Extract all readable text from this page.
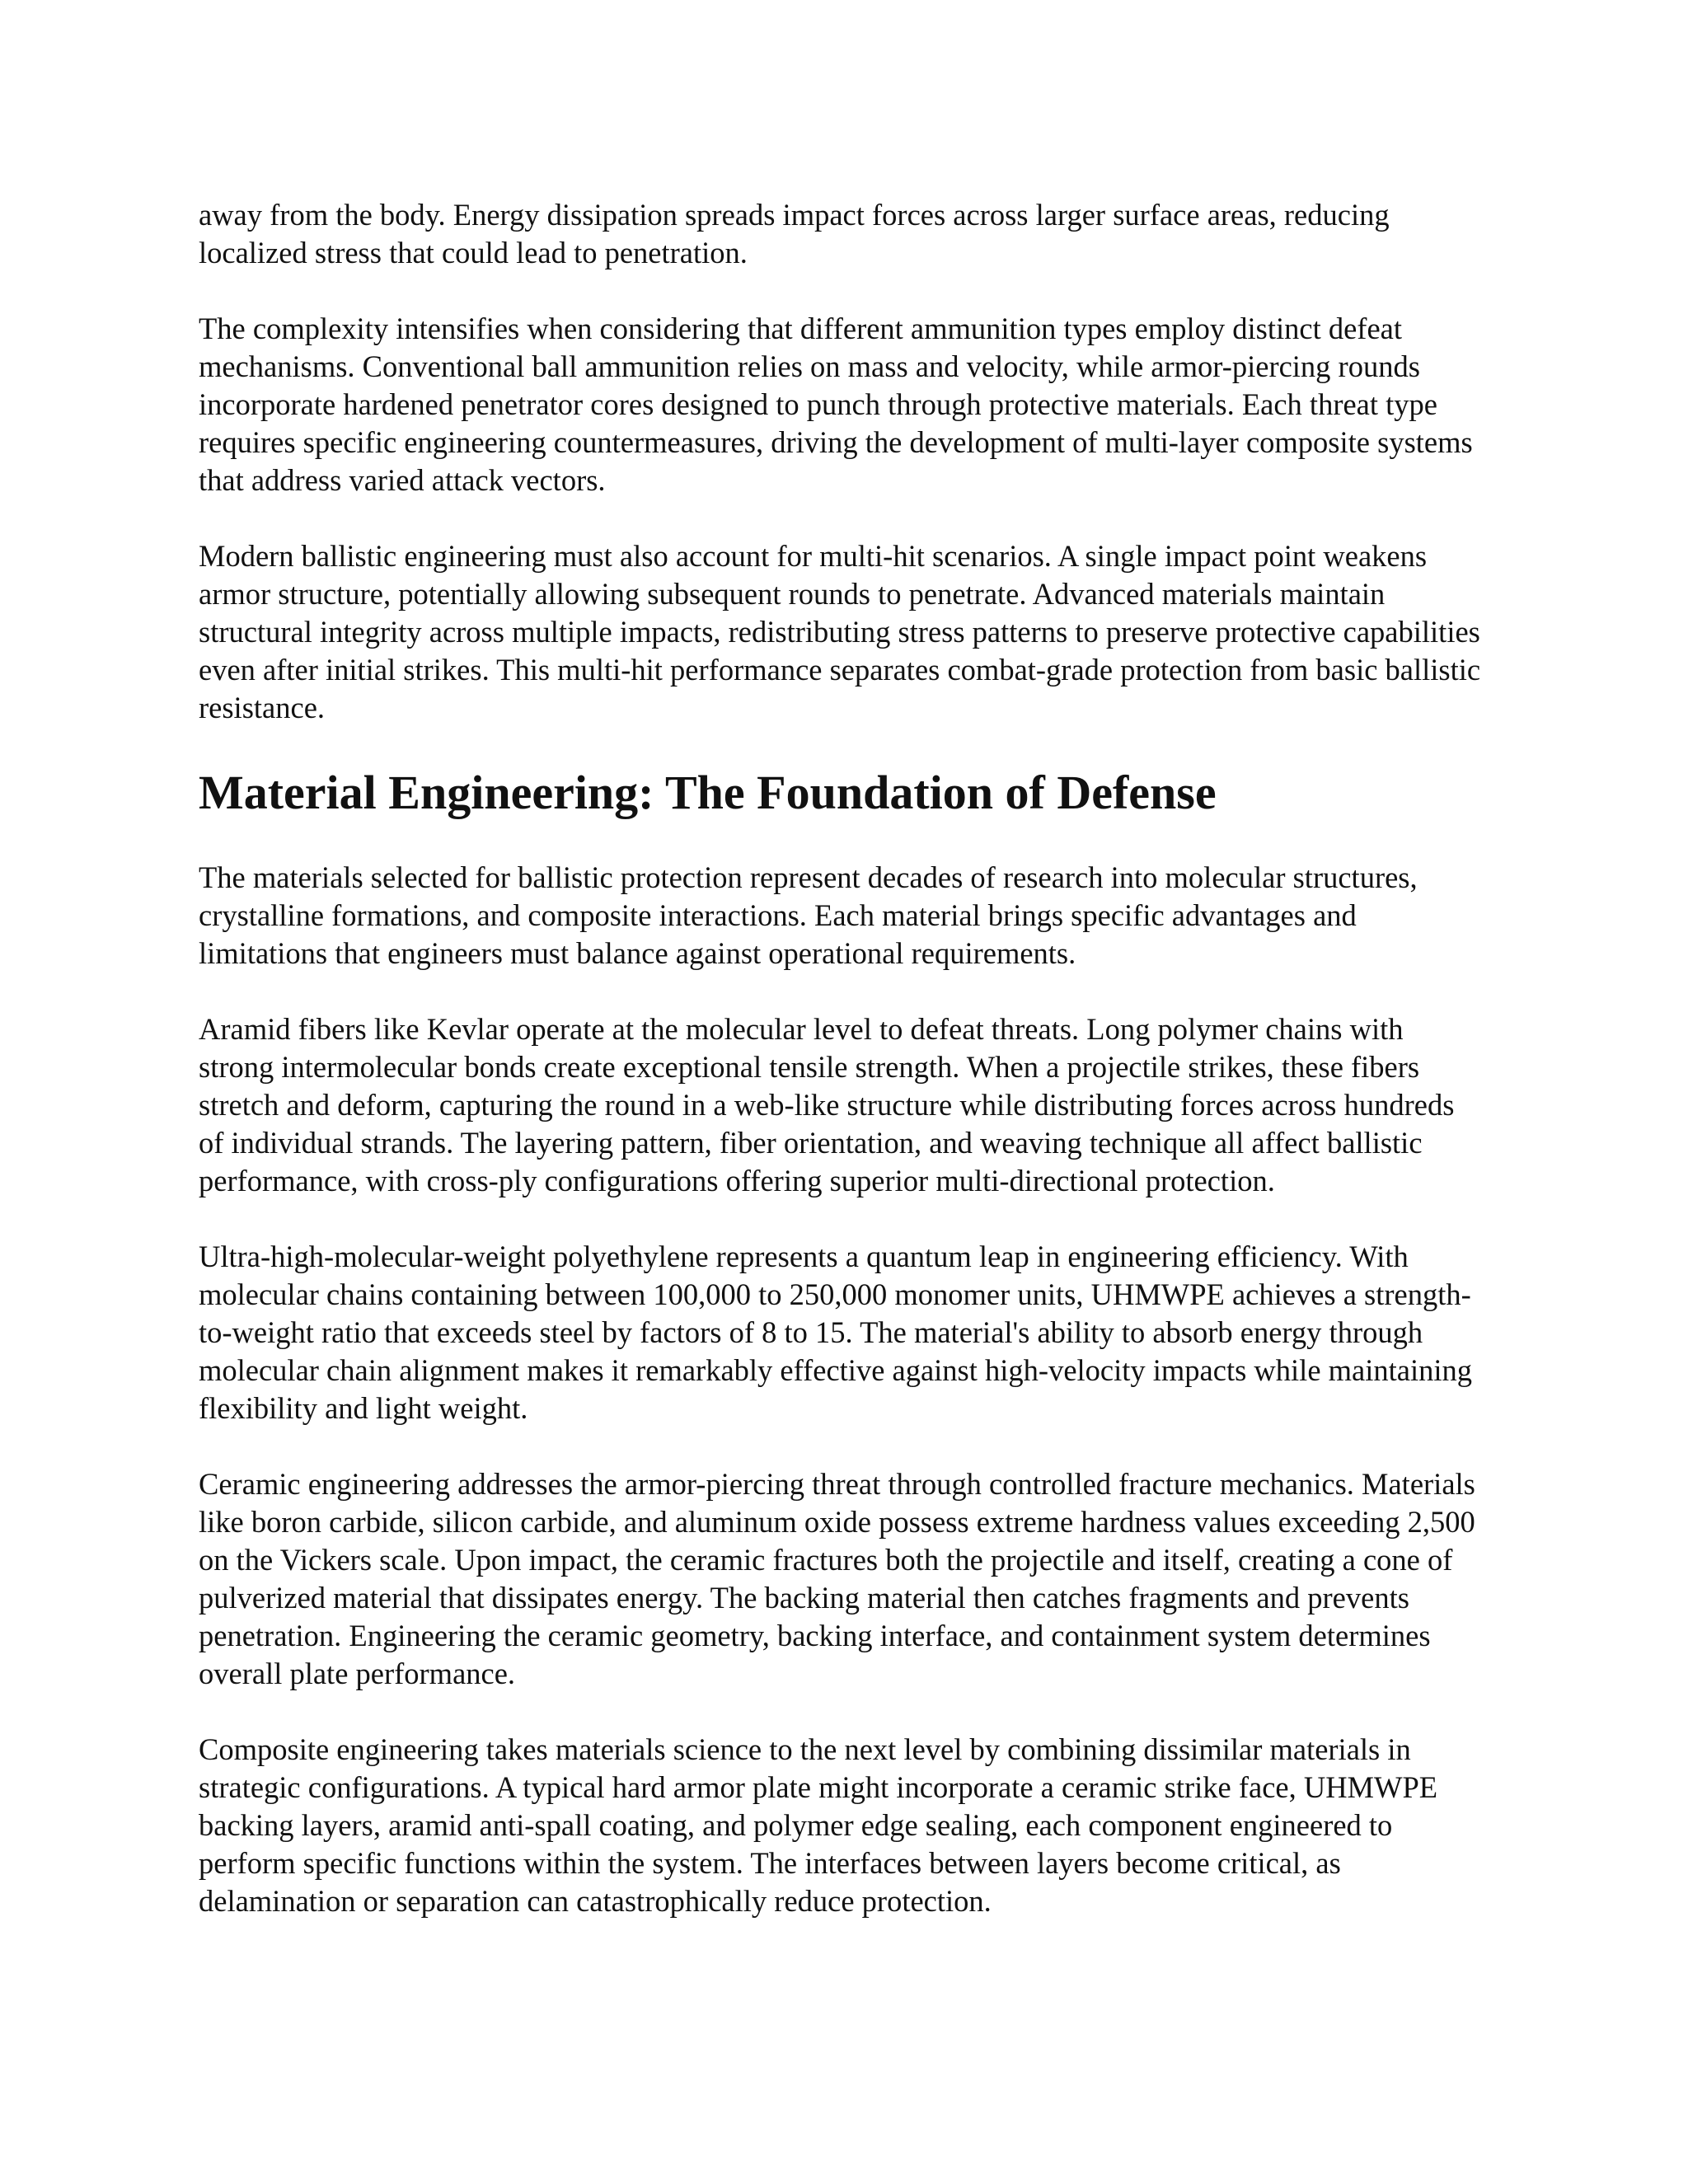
away from the body. Energy dissipation spreads impact forces across larger surface areas, reducing localized stress that could lead to penetration.

The complexity intensifies when considering that different ammunition types employ distinct defeat mechanisms. Conventional ball ammunition relies on mass and velocity, while armor-piercing rounds incorporate hardened penetrator cores designed to punch through protective materials. Each threat type requires specific engineering countermeasures, driving the development of multi-layer composite systems that address varied attack vectors.

Modern ballistic engineering must also account for multi-hit scenarios. A single impact point weakens armor structure, potentially allowing subsequent rounds to penetrate. Advanced materials maintain structural integrity across multiple impacts, redistributing stress patterns to preserve protective capabilities even after initial strikes. This multi-hit performance separates combat-grade protection from basic ballistic resistance.

Material Engineering: The Foundation of Defense

The materials selected for ballistic protection represent decades of research into molecular structures, crystalline formations, and composite interactions. Each material brings specific advantages and limitations that engineers must balance against operational requirements.

Aramid fibers like Kevlar operate at the molecular level to defeat threats. Long polymer chains with strong intermolecular bonds create exceptional tensile strength. When a projectile strikes, these fibers stretch and deform, capturing the round in a web-like structure while distributing forces across hundreds of individual strands. The layering pattern, fiber orientation, and weaving technique all affect ballistic performance, with cross-ply configurations offering superior multi-directional protection.

Ultra-high-molecular-weight polyethylene represents a quantum leap in engineering efficiency. With molecular chains containing between 100,000 to 250,000 monomer units, UHMWPE achieves a strength-to-weight ratio that exceeds steel by factors of 8 to 15. The material's ability to absorb energy through molecular chain alignment makes it remarkably effective against high-velocity impacts while maintaining flexibility and light weight.

Ceramic engineering addresses the armor-piercing threat through controlled fracture mechanics. Materials like boron carbide, silicon carbide, and aluminum oxide possess extreme hardness values exceeding 2,500 on the Vickers scale. Upon impact, the ceramic fractures both the projectile and itself, creating a cone of pulverized material that dissipates energy. The backing material then catches fragments and prevents penetration. Engineering the ceramic geometry, backing interface, and containment system determines overall plate performance.

Composite engineering takes materials science to the next level by combining dissimilar materials in strategic configurations. A typical hard armor plate might incorporate a ceramic strike face, UHMWPE backing layers, aramid anti-spall coating, and polymer edge sealing, each component engineered to perform specific functions within the system. The interfaces between layers become critical, as delamination or separation can catastrophically reduce protection.
